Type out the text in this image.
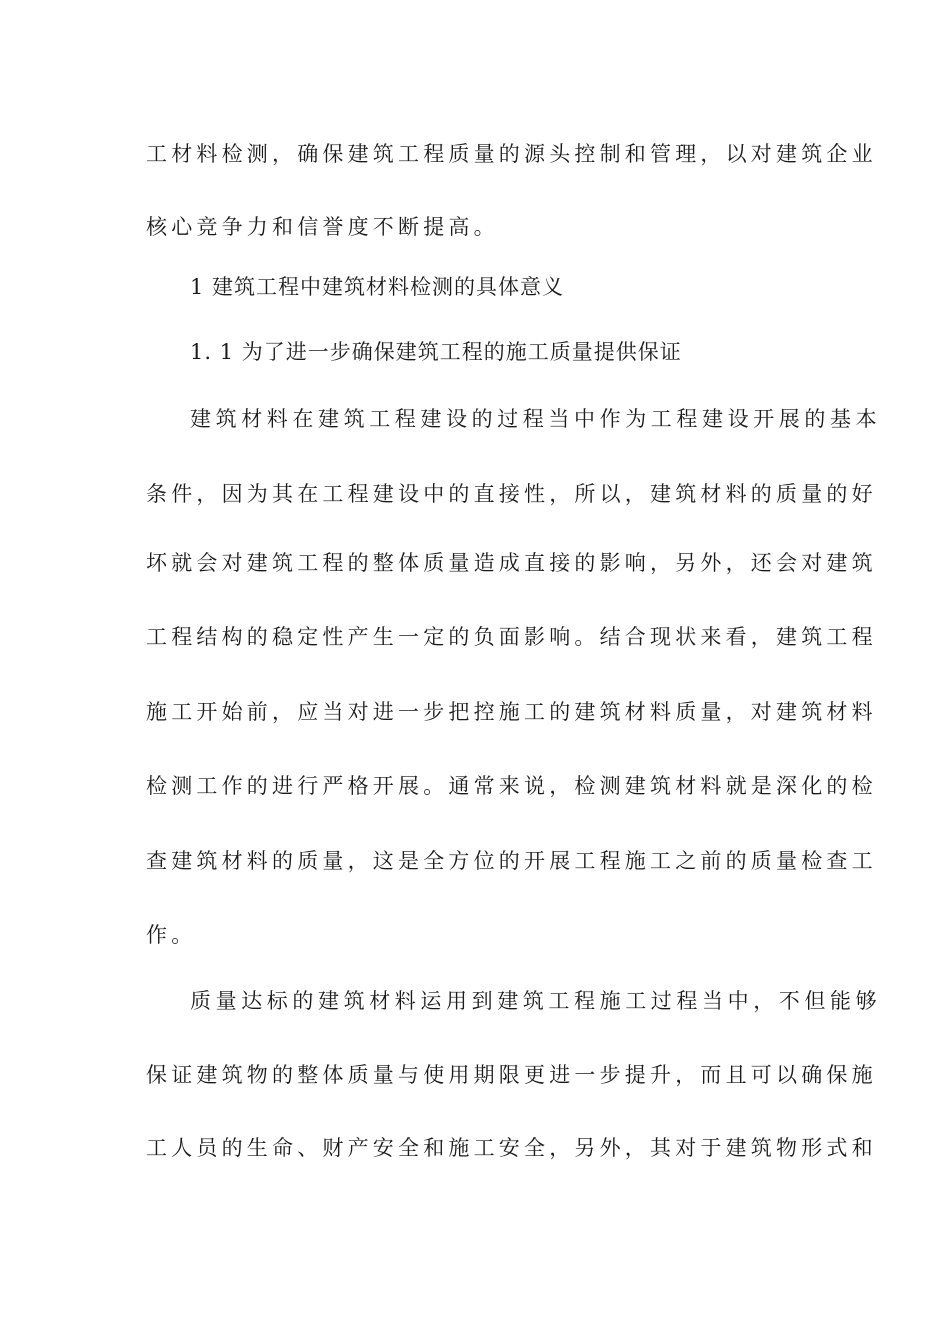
工材料检测，确保建筑工程质量的源头控制和管理，以对建筑企业
核心竞争力和信誉度不断提高。
1 建筑工程中建筑材料检测的具体意义
1. 1 为了进一步确保建筑工程的施工质量提供保证
建筑材料在建筑工程建设的过程当中作为工程建设开展的基本
条件，因为其在工程建设中的直接性，所以，建筑材料的质量的好
坏就会对建筑工程的整体质量造成直接的影响，另外，还会对建筑
工程结构的稳定性产生一定的负面影响。结合现状来看，建筑工程
施工开始前，应当对进一步把控施工的建筑材料质量，对建筑材料
检测工作的进行严格开展。通常来说，检测建筑材料就是深化的检
查建筑材料的质量，这是全方位的开展工程施工之前的质量检查工
作。
质量达标的建筑材料运用到建筑工程施工过程当中，不但能够
保证建筑物的整体质量与使用期限更进一步提升，而且可以确保施
工人员的生命、财产安全和施工安全，另外，其对于建筑物形式和
